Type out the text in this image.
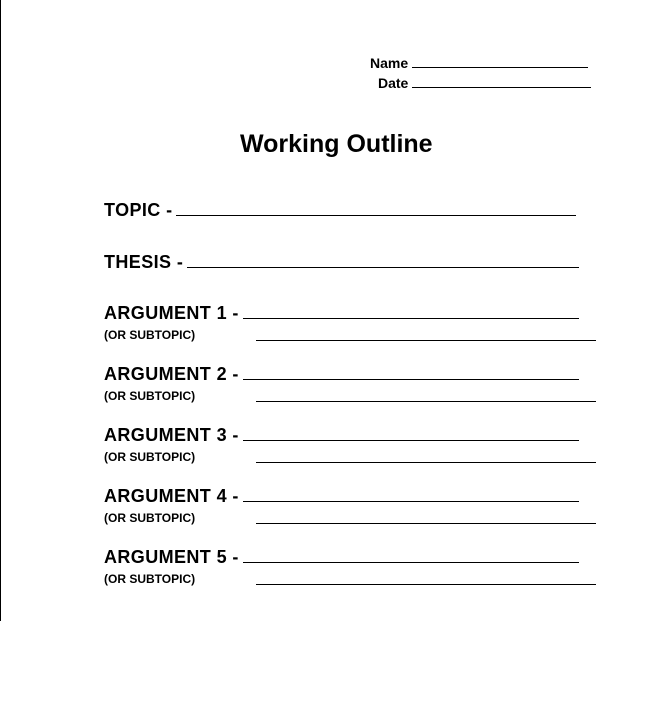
Name
Date
Working Outline
TOPIC -
THESIS -
ARGUMENT 1 -
(OR SUBTOPIC)
ARGUMENT 2 -
(OR SUBTOPIC)
ARGUMENT 3 -
(OR SUBTOPIC)
ARGUMENT 4 -
(OR SUBTOPIC)
ARGUMENT 5 -
(OR SUBTOPIC)
